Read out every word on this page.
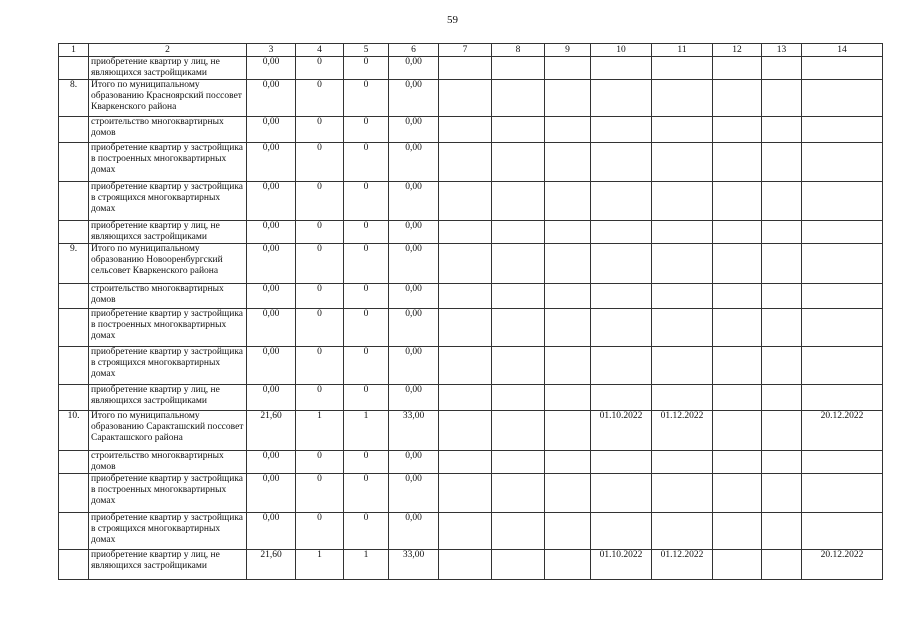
59
1	2	3	4	5	6	7	8	9	10	11	12	13	14
	приобретение квартир у лиц, не являющихся застройщиками	0,00	0	0	0,00								
8.	Итого по муниципальному образованию Красноярский поссовет Кваркенского района	0,00	0	0	0,00								
	строительство многоквартирных домов	0,00	0	0	0,00								
	приобретение квартир у застройщика в построенных многоквартирных домах	0,00	0	0	0,00								
	приобретение квартир у застройщика в строящихся многоквартирных домах	0,00	0	0	0,00								
	приобретение квартир у лиц, не являющихся застройщиками	0,00	0	0	0,00								
9.	Итого по муниципальному образованию Новооренбургский сельсовет Кваркенского района	0,00	0	0	0,00								
	строительство многоквартирных домов	0,00	0	0	0,00								
	приобретение квартир у застройщика в построенных многоквартирных домах	0,00	0	0	0,00								
	приобретение квартир у застройщика в строящихся многоквартирных домах	0,00	0	0	0,00								
	приобретение квартир у лиц, не являющихся застройщиками	0,00	0	0	0,00								
10.	Итого по муниципальному образованию Саракташский поссовет Саракташского района	21,60	1	1	33,00				01.10.2022	01.12.2022			20.12.2022
	строительство многоквартирных домов	0,00	0	0	0,00								
	приобретение квартир у застройщика в построенных многоквартирных домах	0,00	0	0	0,00								
	приобретение квартир у застройщика в строящихся многоквартирных домах	0,00	0	0	0,00								
	приобретение квартир у лиц, не являющихся застройщиками	21,60	1	1	33,00				01.10.2022	01.12.2022			20.12.2022
